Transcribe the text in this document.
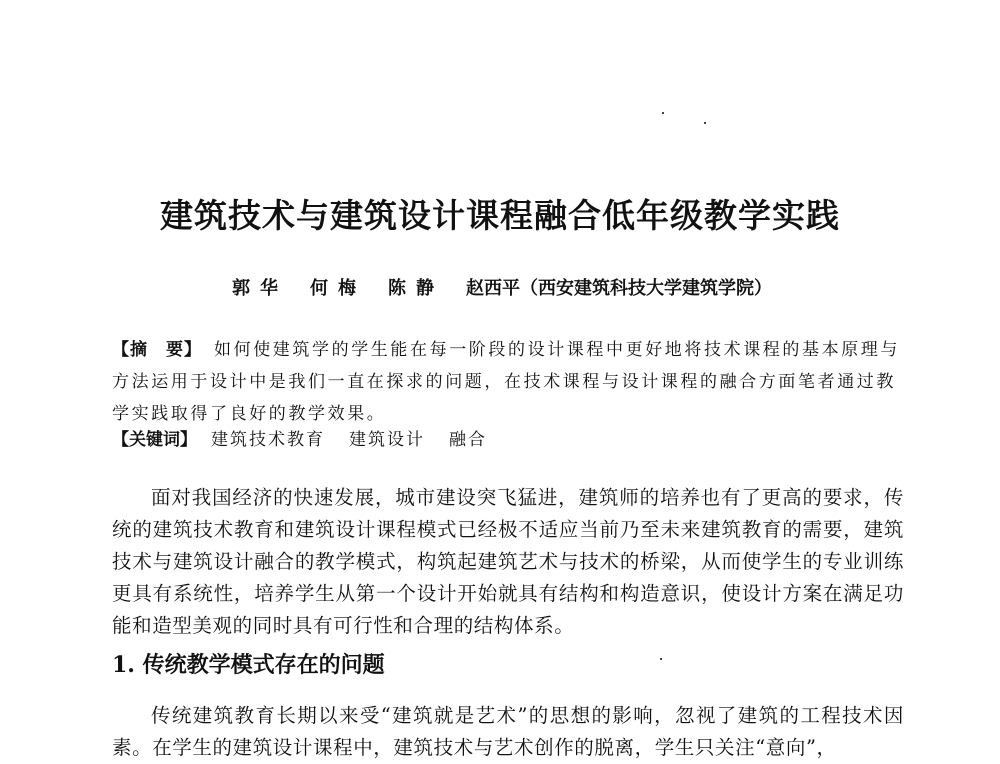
建筑技术与建筑设计课程融合低年级教学实践
郭华 何梅 陈静 赵西平（西安建筑科技大学建筑学院）
【摘　要】 如何使建筑学的学生能在每一阶段的设计课程中更好地将技术课程的基本原理与方法运用于设计中是我们一直在探求的问题，在技术课程与设计课程的融合方面笔者通过教学实践取得了良好的教学效果。
【关键词】 建筑技术教育 建筑设计 融合
面对我国经济的快速发展，城市建设突飞猛进，建筑师的培养也有了更高的要求，传统的建筑技术教育和建筑设计课程模式已经极不适应当前乃至未来建筑教育的需要，建筑技术与建筑设计融合的教学模式，构筑起建筑艺术与技术的桥梁，从而使学生的专业训练更具有系统性，培养学生从第一个设计开始就具有结构和构造意识，使设计方案在满足功能和造型美观的同时具有可行性和合理的结构体系。
1. 传统教学模式存在的问题
传统建筑教育长期以来受“建筑就是艺术”的思想的影响，忽视了建筑的工程技术因素。在学生的建筑设计课程中，建筑技术与艺术创作的脱离，学生只关注“意向”，
